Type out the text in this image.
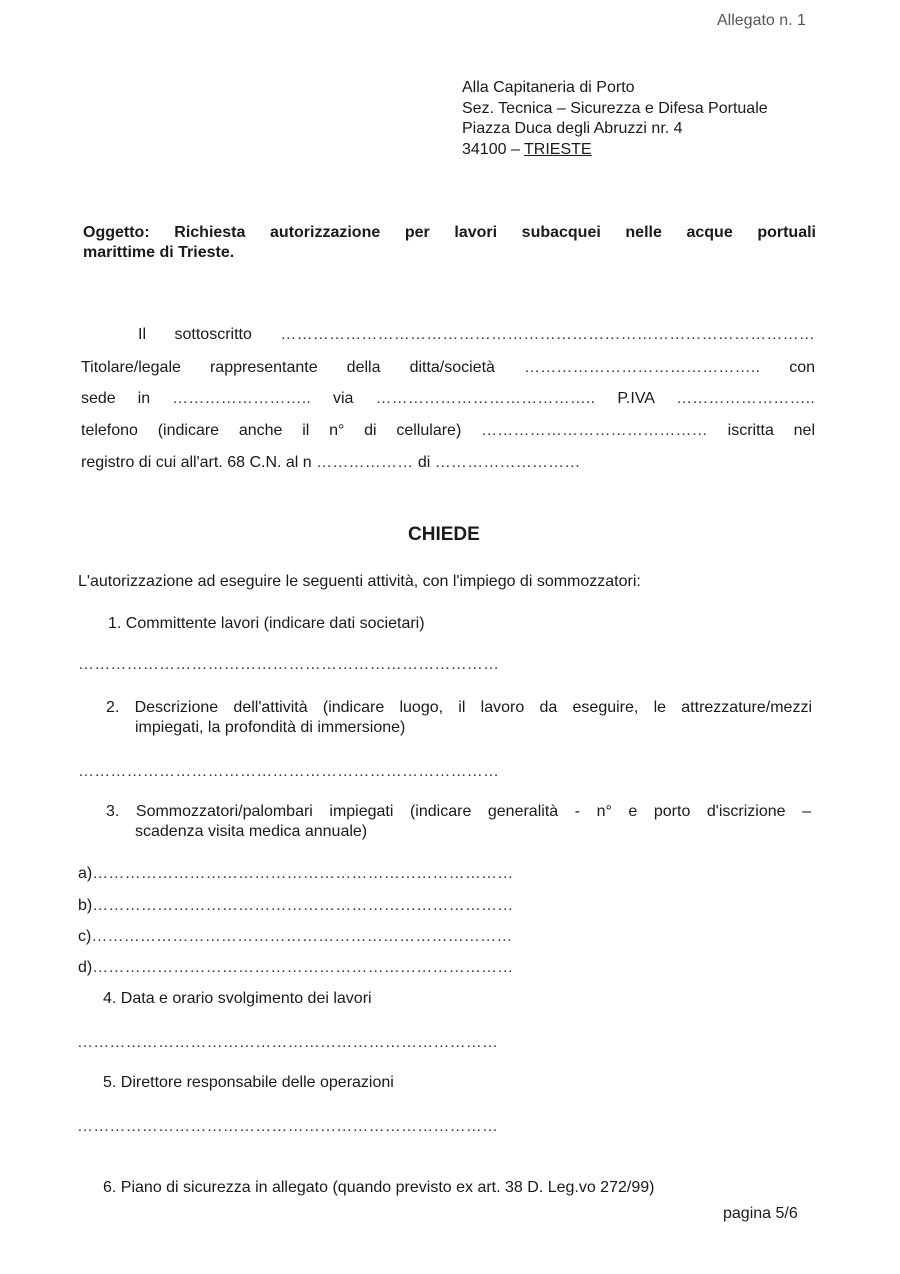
Allegato n. 1
Alla Capitaneria di Porto
Sez. Tecnica – Sicurezza e Difesa Portuale
Piazza Duca degli Abruzzi nr. 4
34100 – TRIESTE
Oggetto: Richiesta autorizzazione per lavori subacquei nelle acque portuali
marittime di Trieste.
Il sottoscritto ………………………………………………………………………………………
Titolare/legale rappresentante della ditta/società …………………………………….. con
sede in …………………….. via ………………………………….. P.IVA ……………………..
telefono (indicare anche il n° di cellulare) …………………………………… iscritta nel
registro di cui all'art. 68 C.N. al n ……………… di ………………………
CHIEDE
L'autorizzazione ad eseguire le seguenti attività, con l'impiego di sommozzatori:
1. Committente lavori (indicare dati societari)
……………………………………………………………………
2. Descrizione dell'attività (indicare luogo, il lavoro da eseguire, le attrezzature/mezzi
impiegati, la profondità di immersione)
……………………………………………………………………
3. Sommozzatori/palombari impiegati (indicare generalità - n° e porto d'iscrizione –
scadenza visita medica annuale)
a)……………………………………………………………………
b)……………………………………………………………………
c)……………………………………………………………………
d)……………………………………………………………………
4. Data e orario svolgimento dei lavori
……………………………………………………………………
5. Direttore responsabile delle operazioni
……………………………………………………………………
6. Piano di sicurezza in allegato (quando previsto ex art. 38 D. Leg.vo 272/99)
pagina 5/6
